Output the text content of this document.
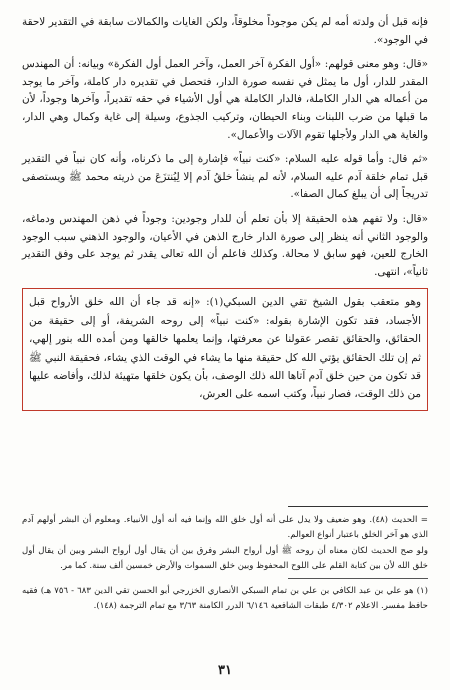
فإنه قبل أن ولدته أمه لم يكن موجوداً مخلوقاً، ولكن الغايات والكمالات سابقة في التقدير لاحقة في الوجود».

«قال: وهو معنى قولهم: «أول الفكرة آخر العمل، وآخر العمل أول الفكرة» وبيانه: أن المهندس المقدر للدار، أول ما يمثل في نفسه صورة الدار، فتحصل في تقديره دار كاملة، وآخر ما يوجد من أعماله هي الدار الكاملة، فالدار الكاملة هي أول الأشياء في حقه تقديراً، وآخرها وجوداً، لأن ما قبلها من ضرب اللبنات وبناء الحيطان، وتركيب الجذوع، وسيلة إلى غاية وكمال وهي الدار، والغاية هي الدار ولأجلها تقوم الآلات والأعمال».

«ثم قال: وأما قوله عليه السلام: «كنت نبياً» فإشارة إلى ما ذكرناه، وأنه كان نبياً في التقدير قبل تمام خلقة آدم عليه السلام، لأنه لم ينشأ خلقُ آدم إلا لِيُنتزَعَ من ذريته محمد ﷺ ويستصفى تدريجاً إلى أن يبلغ كمال الصفا».

«قال: ولا تفهم هذه الحقيقة إلا بأن تعلم أن للدار وجودين: وجوداً في ذهن المهندس ودماغه، والوجود الثاني أنه ينظر إلى صورة الدار خارج الذهن في الأعيان، والوجود الذهني سبب الوجود الخارج للعين، فهو سابق لا محالة. وكذلك فاعلم أن الله تعالى يقدر ثم يوجد على وفق التقدير ثانياً»، انتهى.

وهو متعقب بقول الشيخ تقي الدين السبكي(١): «إنه قد جاء أن الله خلق الأرواح قبل الأجساد، فقد تكون الإشارة بقوله: «كنت نبياً» إلى روحه الشريفة، أو إلى حقيقة من الحقائق، والحقائق تقصر عقولنا عن معرفتها، وإنما يعلمها خالقها ومن أمده الله بنور إلهي، ثم إن تلك الحقائق يؤتي الله كل حقيقة منها ما يشاء في الوقت الذي يشاء، فحقيقة النبي ﷺ قد تكون من حين خلق آدم آتاها الله ذلك الوصف، بأن يكون خلقها متهيئة لذلك، وأفاضه عليها من ذلك الوقت، فصار نبياً، وكتب اسمه على العرش،

= الحديث (٤٨). وهو ضعيف ولا يدل على أنه أول خلق الله وإنما فيه أنه أول الأنبياء. ومعلوم أن البشر أولهم آدم الذي هو آخر الخلق باعتبار أنواع العوالم.

ولو صح الحديث لكان معناه أن روحه ﷺ أول أرواح البشر وفرق بين أن يقال أول أرواح البشر وبين أن يقال أول خلق الله لأن بين كتابة القلم على اللوح المحفوظ وبين خلق السموات والأرض خمسين ألف سنة. كما مر.

(١) هو علي بن عبد الكافي بن علي بن تمام السبكي الأنصاري الخزرجي أبو الحسن تقي الدين ٦٨٣ - ٧٥٦ هـ) فقيه حافظ مفسر. الاعلام ٤/٣٠٢ طبقات الشافعية ٦/١٤٦ الدرر الكامنة ٣/٦٣ مع تمام الترجمة (١٤٨).

٣١
